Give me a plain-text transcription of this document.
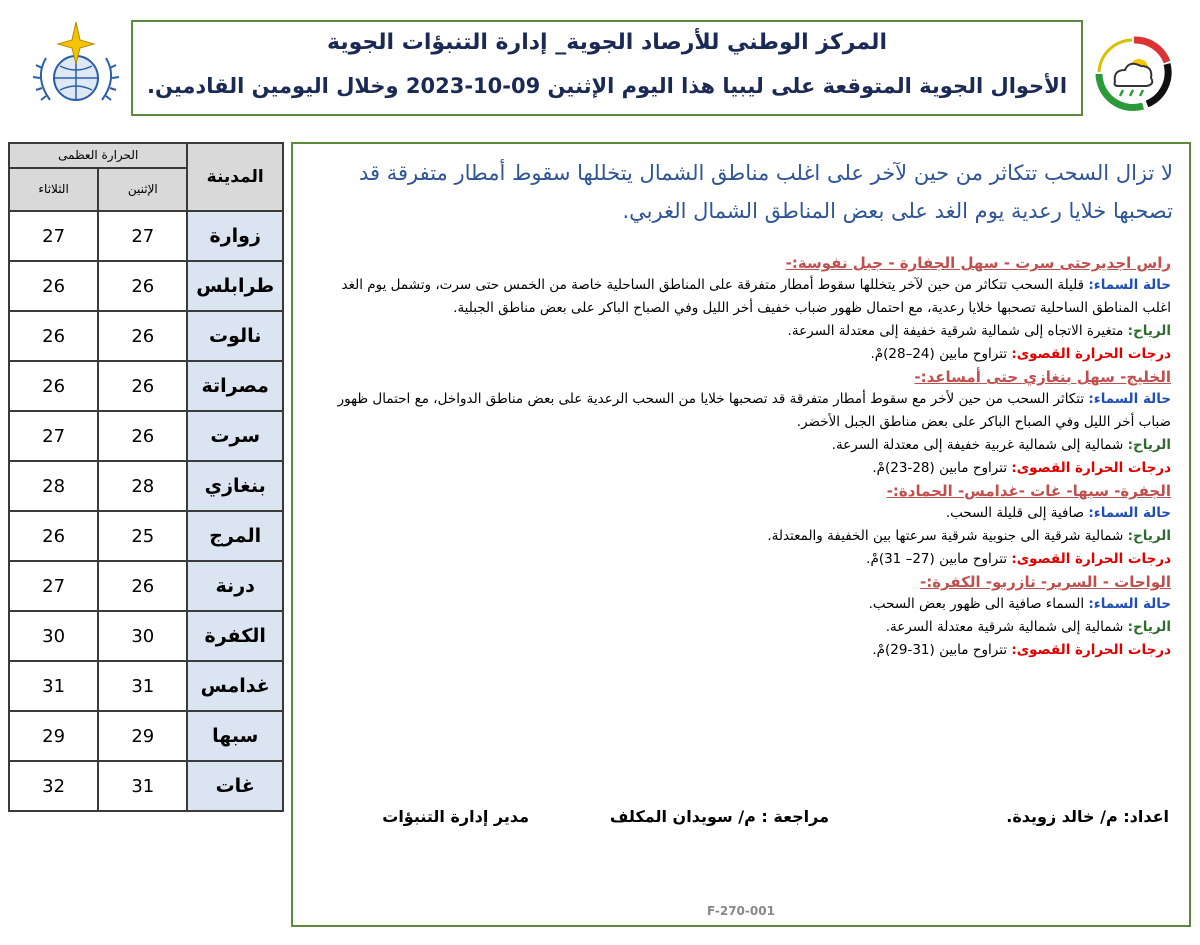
المركز الوطني للأرصاد الجوية_ إدارة التنبؤات الجوية
الأحوال الجوية المتوقعة على ليبيا هذا اليوم الإثنين 09-10-2023 وخلال اليومين القادمين.
المدينة	الحرارة العظمى	
	الإثنين	الثلاثاء
زوارة	27	27
طرابلس	26	26
نالوت	26	26
مصراتة	26	26
سرت	26	27
بنغازي	28	28
المرج	25	26
درنة	26	27
الكفرة	30	30
غدامس	31	31
سبها	29	29
غات	31	32
لا تزال السحب تتكاثر من حين لآخر على اغلب مناطق الشمال يتخللها سقوط أمطار متفرقة قد تصحبها خلايا رعدية يوم الغد على بعض المناطق الشمال الغربي.
راس اجديرحتى سرت - سهل الجفارة - جبل نفوسة:-
حالة السماء: قليلة السحب تتكاثر من حين لآخر يتخللها سقوط أمطار متفرقة على المناطق الساحلية خاصة من الخمس حتى سرت، وتشمل يوم الغد اغلب المناطق الساحلية تصحبها خلايا رعدية، مع احتمال ظهور ضباب خفيف أخر الليل وفي الصباح الباكر على بعض مناطق الجبلية.
الرياح: متغيرة الاتجاه إلى شمالية شرقية خفيفة إلى معتدلة السرعة.
درجات الحرارة القصوى: تتراوح مابين (24–28)مْ.
الخليج- سهل بنغازي حتى أمساعد:-
حالة السماء: تتكاثر السحب من حين لأخر مع سقوط أمطار متفرقة قد تصحبها خلايا من السحب الرعدية على بعض مناطق الدواخل، مع احتمال ظهور ضباب أخر الليل وفي الصباح الباكر على بعض مناطق الجبل الأخضر.
الرياح: شمالية إلى شمالية غربية خفيفة إلى معتدلة السرعة.
درجات الحرارة القصوى: تتراوح مابين (28-23)مْ.
الجفرة- سبها- غات -غدامس- الحمادة:-
حالة السماء: صافية إلى قليلة السحب.
الرياح: شمالية شرقية الى جنوبية شرقية سرعتها بين الخفيفة والمعتدلة.
درجات الحرارة القصوى: تتراوح مابين (27– 31)مْ.
الواحات - السرير- تازربو- الكفرة:-
حالة السماء: السماء صافية الى ظهور بعض السحب.
الرياح: شمالية إلى شمالية شرقية معتدلة السرعة.
درجات الحرارة القصوى: تتراوح مابين (31-29)مْ.
اعداد: م/ خالد زويدة.
مراجعة : م/ سويدان المكلف
مدير إدارة التنبؤات
F-270-001
